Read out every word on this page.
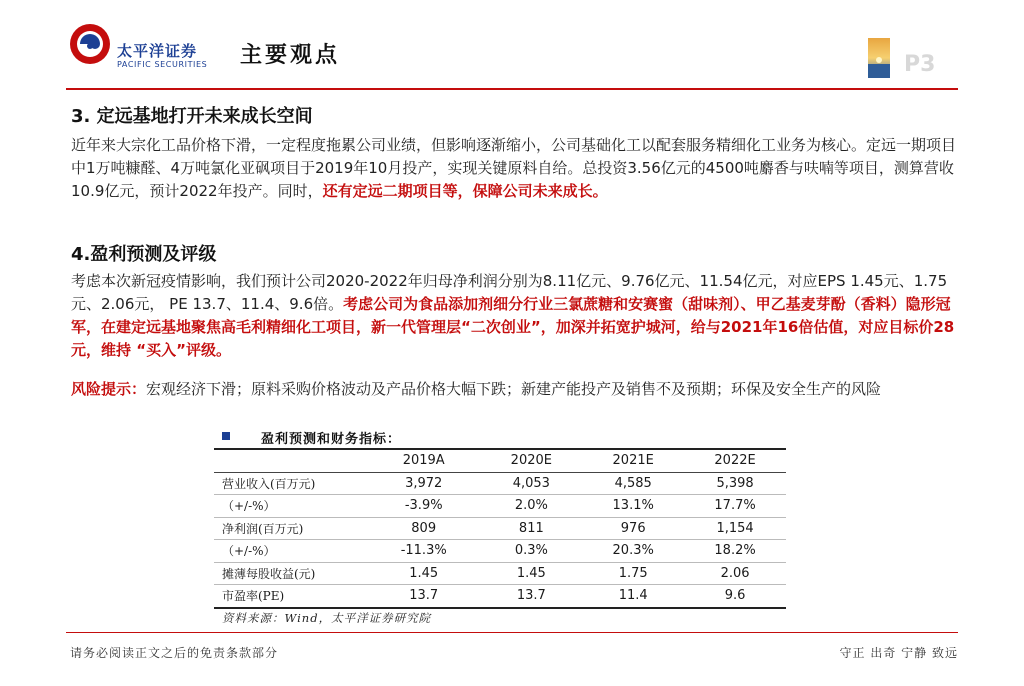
太平洋证券
PACIFIC SECURITIES 主要观点	P3
3. 定远基地打开未来成长空间
近年来大宗化工品价格下滑，一定程度拖累公司业绩，但影响逐渐缩小，公司基础化工以配套服务精细化工业务为核心。定远一期项目中1万吨糠醛、4万吨氯化亚砜项目于2019年10月投产，实现关键原料自给。总投资3.56亿元的4500吨麝香与呋喃等项目，测算营收10.9亿元，预计2022年投产。同时，还有定远二期项目等，保障公司未来成长。
4.盈利预测及评级
考虑本次新冠疫情影响，我们预计公司2020-2022年归母净利润分别为8.11亿元、9.76亿元、11.54亿元，对应EPS 1.45元、1.75元、2.06元， PE 13.7、11.4、9.6倍。考虑公司为食品添加剂细分行业三氯蔗糖和安赛蜜（甜味剂）、甲乙基麦芽酚（香料）隐形冠军，在建定远基地聚焦高毛利精细化工项目，新一代管理层“二次创业”，加深并拓宽护城河，给与2021年16倍估值，对应目标价28元，维持 “买入”评级。
风险提示：宏观经济下滑；原料采购价格波动及产品价格大幅下跌；新建产能投产及销售不及预期；环保及安全生产的风险
盈利预测和财务指标：
	2019A	2020E	2021E	2022E
营业收入(百万元)	3,972	4,053	4,585	5,398
（+/-%）	-3.9%	2.0%	13.1%	17.7%
净利润(百万元)	809	811	976	1,154
（+/-%）	-11.3%	0.3%	20.3%	18.2%
摊薄每股收益(元)	1.45	1.45	1.75	2.06
市盈率(PE)	13.7	13.7	11.4	9.6
资料来源：Wind，太平洋证券研究院
请务必阅读正文之后的免责条款部分	守正 出奇 宁静 致远
